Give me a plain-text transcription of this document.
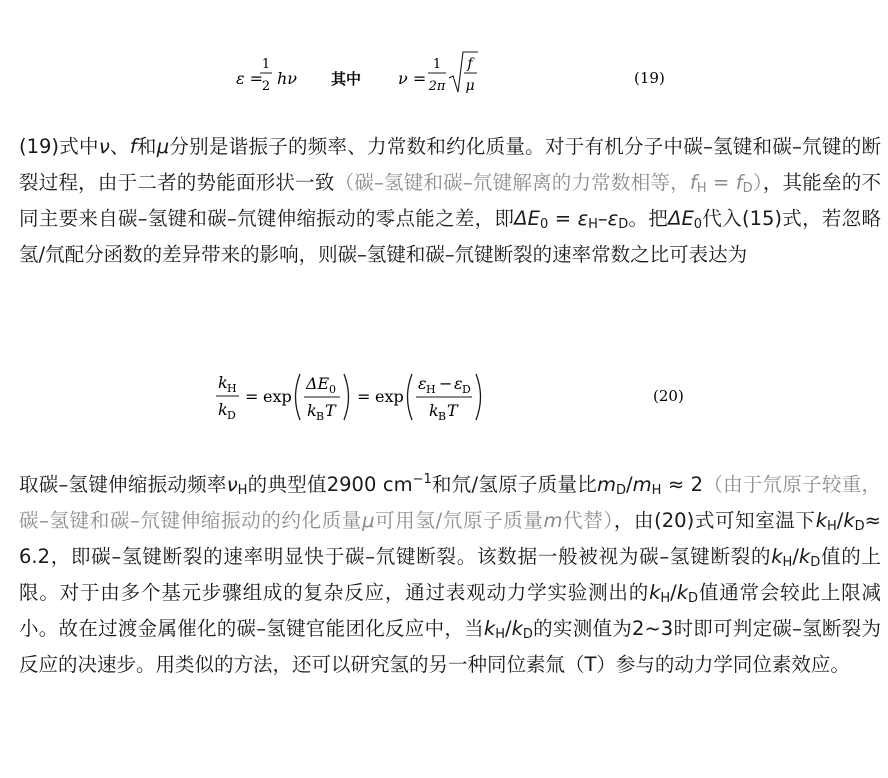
ε =
1
2 hν 其中 ν =
1
2π
f
μ	(19)

(19)式中ν、f和μ分别是谐振子的频率、力常数和约化质量。对于有机分子中碳–氢键和碳–氘键的断裂过程，由于二者的势能面形状一致（碳–氢键和碳–氘键解离的力常数相等，$f_H = f_D$），其能垒的不同主要来自碳–氢键和碳–氘键伸缩振动的零点能之差，即$\Delta E_0 = \varepsilon_H-\varepsilon_D$。把$\Delta E_0$代入(15)式，若忽略氢/氘配分函数的差异带来的影响，则碳–氢键和碳–氘键断裂的速率常数之比可表达为

k H
k D
= exp
ΔE 0
k B T
= exp
ε H − ε D
k B T
(20)

取碳–氢键伸缩振动频率$\nu_H$的典型值2900 $cm^{-1}$和氘/氢原子质量比$m_D/m_H \approx 2$（由于氘原子较重，碳–氢键和碳–氘键伸缩振动的约化质量μ可用氢/氘原子质量m代替），由(20)式可知室温下$k_H/k_D\approx 6.2$，即碳–氢键断裂的速率明显快于碳–氘键断裂。该数据一般被视为碳–氢键断裂的$k_H/k_D$值的上限。对于由多个基元步骤组成的复杂反应，通过表观动力学实验测出的$k_H/k_D$值通常会较此上限减小。故在过渡金属催化的碳–氢键官能团化反应中，当$k_H/k_D$的实测值为2~3时即可判定碳–氢断裂为反应的决速步。用类似的方法，还可以研究氢的另一种同位素氚（T）参与的动力学同位素效应。
